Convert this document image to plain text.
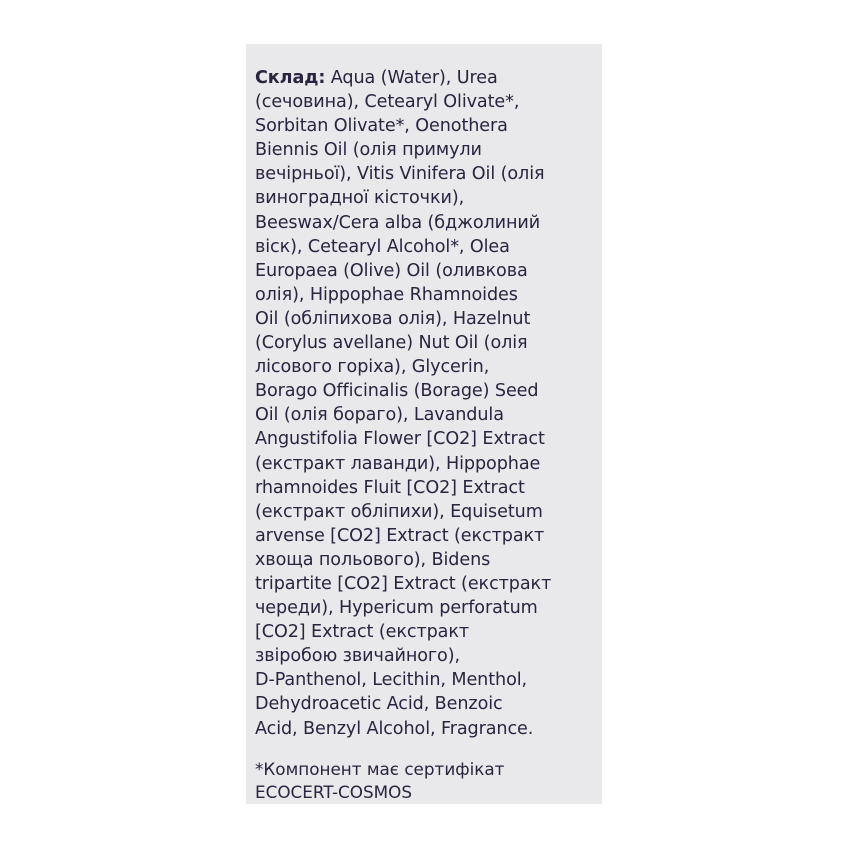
Склад: Aqua (Water), Urea
(сечовина), Cetearyl Olivate*,
Sorbitan Olivate*, Oenothera
Biennis Oil (олія примули
вечірньої), Vitis Vinifera Oil (олія
виноградної кісточки),
Beeswax/Cera alba (бджолиний
віск), Cetearyl Alcohol*, Olea
Europaea (Olive) Oil (оливкова
олія), Hippophae Rhamnoides
Oil (обліпихова олія), Hazelnut
(Corylus avellane) Nut Oil (олія
лісового горіха), Glycerin,
Borago Officinalis (Borage) Seed
Oil (олія бораго), Lavandula
Angustifolia Flower [CO2] Extract
(екстракт лаванди), Hippophae
rhamnoides Fluit [CO2] Extract
(екстракт обліпихи), Equisetum
arvense [CO2] Extract (екстракт
хвоща польового), Bidens
tripartite [CO2] Extract (екстракт
череди), Hypericum perforatum
[CO2] Extract (екстракт
звіробою звичайного),
D-Panthenol, Lecithin, Menthol,
Dehydroacetic Acid, Benzoic
Acid, Benzyl Alcohol, Fragrance.

*Компонент має сертифікат
ECOCERT-COSMOS
